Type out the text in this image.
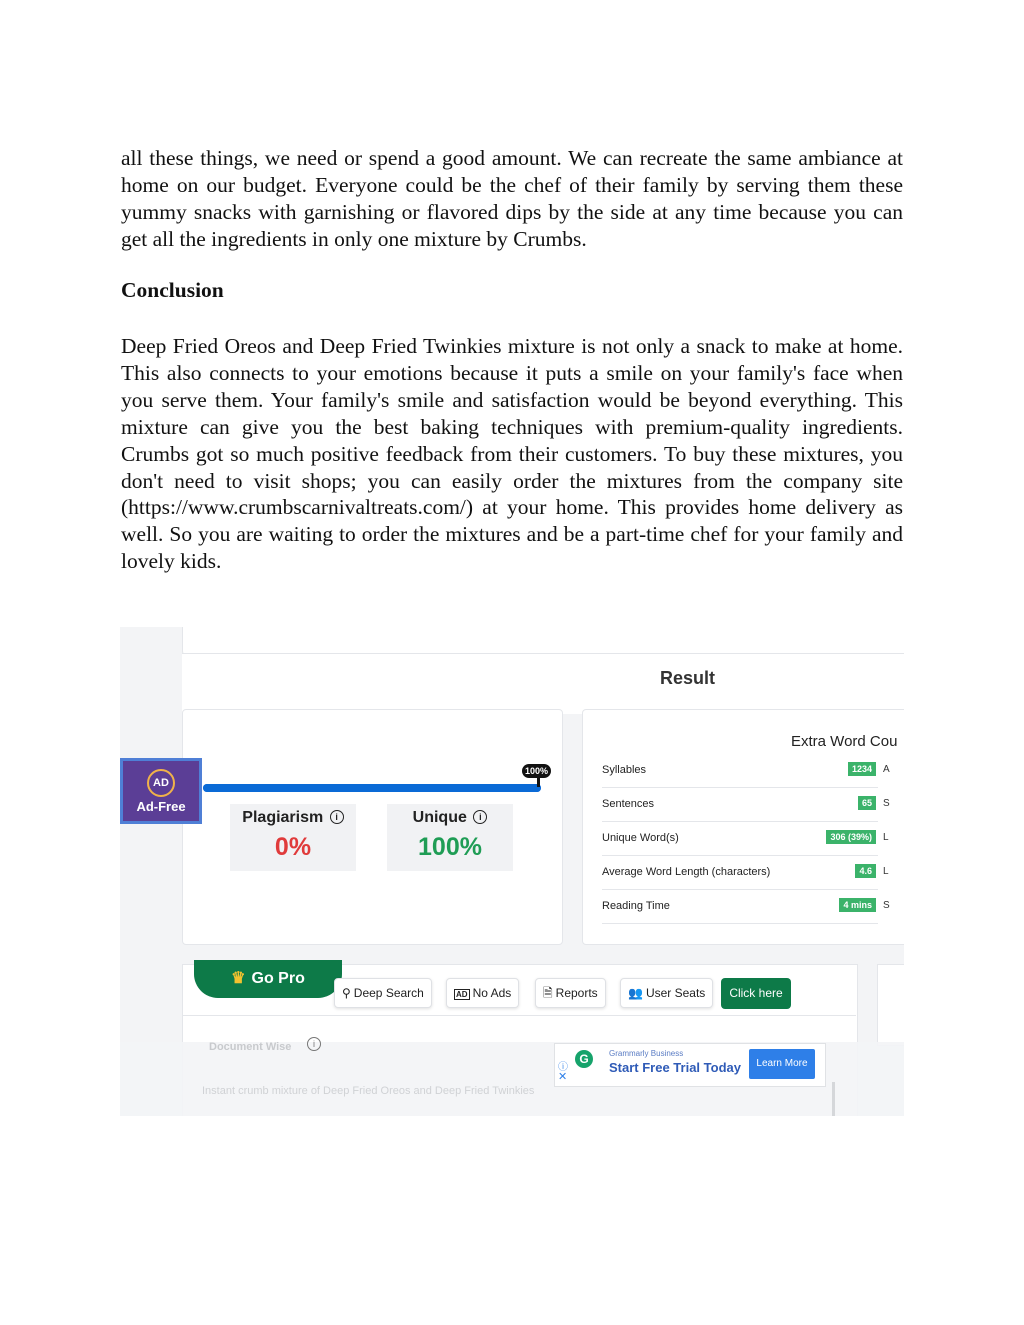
all these things, we need or spend a good amount. We can recreate the same ambiance at home on our budget. Everyone could be the chef of their family by serving them these yummy snacks with garnishing or flavored dips by the side at any time because you can get all the ingredients in only one mixture by Crumbs.

Conclusion

Deep Fried Oreos and Deep Fried Twinkies mixture is not only a snack to make at home. This also connects to your emotions because it puts a smile on your family's face when you serve them. Your family's smile and satisfaction would be beyond everything. This mixture can give you the best baking techniques with premium-quality ingredients. Crumbs got so much positive feedback from their customers. To buy these mixtures, you don't need to visit shops; you can easily order the mixtures from the company site (https://www.crumbscarnivaltreats.com/) at your home. This provides home delivery as well. So you are waiting to order the mixtures and be a part-time chef for your family and lovely kids.

Result
100%
AD
Ad-Free
Plagiarism i
0%
Unique i
100%
Extra Word Cou
Syllables	1234	A
Sentences	65	S
Unique Word(s)	306 (39%)	L
Average Word Length (characters)	4.6	L
Reading Time	4 mins	S
♛ Go Pro
⚲ Deep Search	AD No Ads	🗎 Reports	👥 User Seats	Click here
Document Wise	i
Instant crumb mixture of Deep Fried Oreos and Deep Fried Twinkies
ⓘ
✕
G	Grammarly Business
Start Free Trial Today	Learn More
